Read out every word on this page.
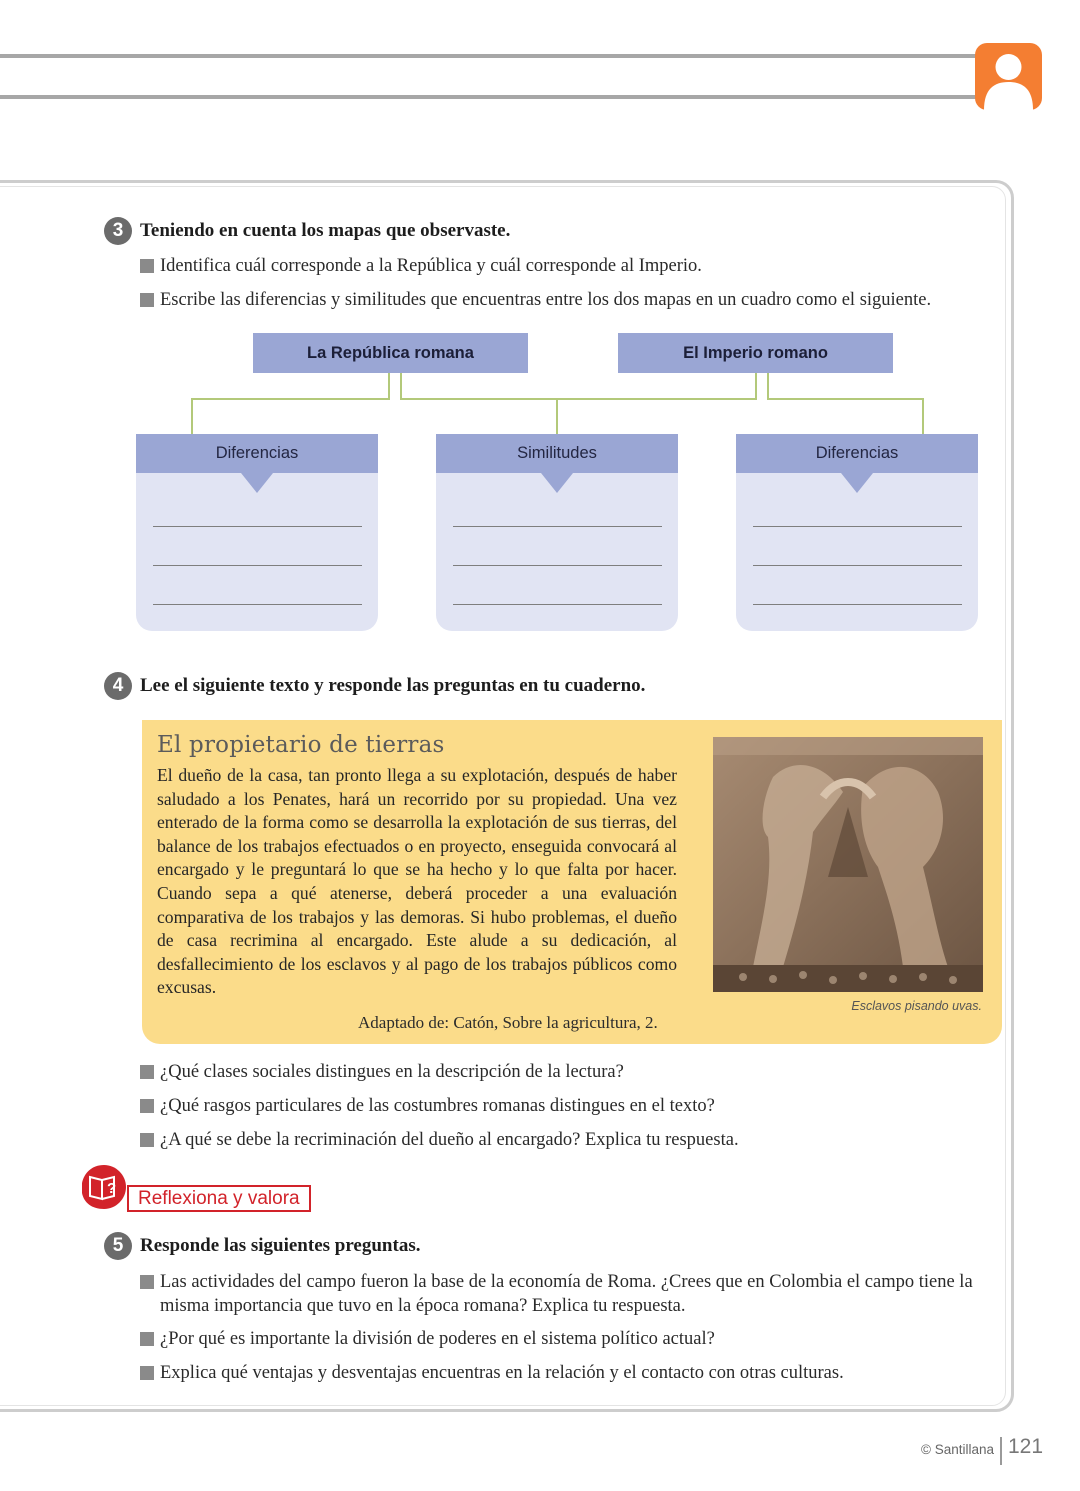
3 Teniendo en cuenta los mapas que observaste.
Identifica cuál corresponde a la República y cuál corresponde al Imperio.
Escribe las diferencias y similitudes que encuentras entre los dos mapas en un cuadro como el siguiente.
La República romana	El Imperio romano
Diferencias	Similitudes	Diferencias
4 Lee el siguiente texto y responde las preguntas en tu cuaderno.
El propietario de tierras
El dueño de la casa, tan pronto llega a su explotación, después de haber saludado a los Penates, hará un recorrido por su propiedad. Una vez enterado de la forma como se desarrolla la explotación de sus tierras, del balance de los trabajos efectuados o en proyecto, enseguida convocará al encargado y le preguntará lo que se ha hecho y lo que falta por hacer. Cuando sepa a qué atenerse, deberá proceder a una evaluación comparativa de los trabajos y las demoras. Si hubo problemas, el dueño de casa recrimina al encargado. Este alude a su dedicación, al desfallecimiento de los esclavos y al pago de los trabajos públicos como excusas.
Adaptado de: Catón, Sobre la agricultura, 2.
Esclavos pisando uvas.
¿Qué clases sociales distingues en la descripción de la lectura?
¿Qué rasgos particulares de las costumbres romanas distingues en el texto?
¿A qué se debe la recriminación del dueño al encargado? Explica tu respuesta.
?	Reflexiona y valora
5 Responde las siguientes preguntas.
Las actividades del campo fueron la base de la economía de Roma. ¿Crees que en Colombia el campo tiene la misma importancia que tuvo en la época romana? Explica tu respuesta.
¿Por qué es importante la división de poderes en el sistema político actual?
Explica qué ventajas y desventajas encuentras en la relación y el contacto con otras culturas.
© Santillana 121
